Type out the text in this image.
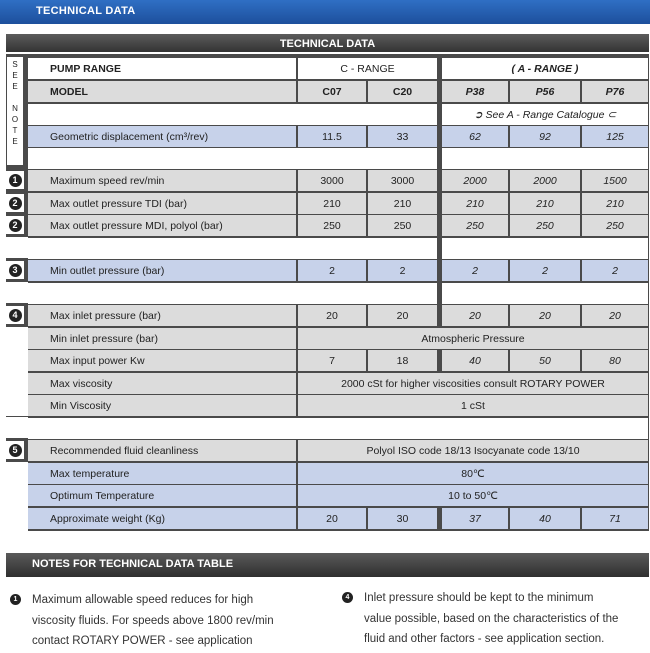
TECHNICAL DATA
TECHNICAL DATA
S
E
E

N
O
T
E
PUMP RANGE	C - RANGE	( A - RANGE )
MODEL	C07	C20	P38	P56	P76
➲ See A - Range Catalogue ⊂
Geometric displacement (cm³/rev)	11.5	33	62	92	125
1	Maximum speed rev/min	3000	3000	2000	2000	1500
2	Max outlet pressure TDI (bar)	210	210	210	210	210
2	Max outlet pressure MDI, polyol (bar)	250	250	250	250	250
3	Min outlet pressure (bar)	2	2	2	2	2
4	Max inlet pressure (bar)	20	20	20	20	20
Min inlet pressure (bar)	Atmospheric Pressure
Max input power Kw	7	18	40	50	80
Max viscosity	2000 cSt for higher viscosities consult ROTARY POWER
Min Viscosity	1 cSt
5	Recommended fluid cleanliness	Polyol ISO code 18/13 Isocyanate code 13/10
Max temperature	80℃
Optimum Temperature	10 to 50℃
Approximate weight (Kg)	20	30	37	40	71
NOTES FOR TECHNICAL DATA TABLE
1	Maximum allowable speed reduces for high
viscosity fluids. For speeds above 1800 rev/min
contact ROTARY POWER - see application
4	Inlet pressure should be kept to the minimum
value possible, based on the characteristics of the
fluid and other factors - see application section.
